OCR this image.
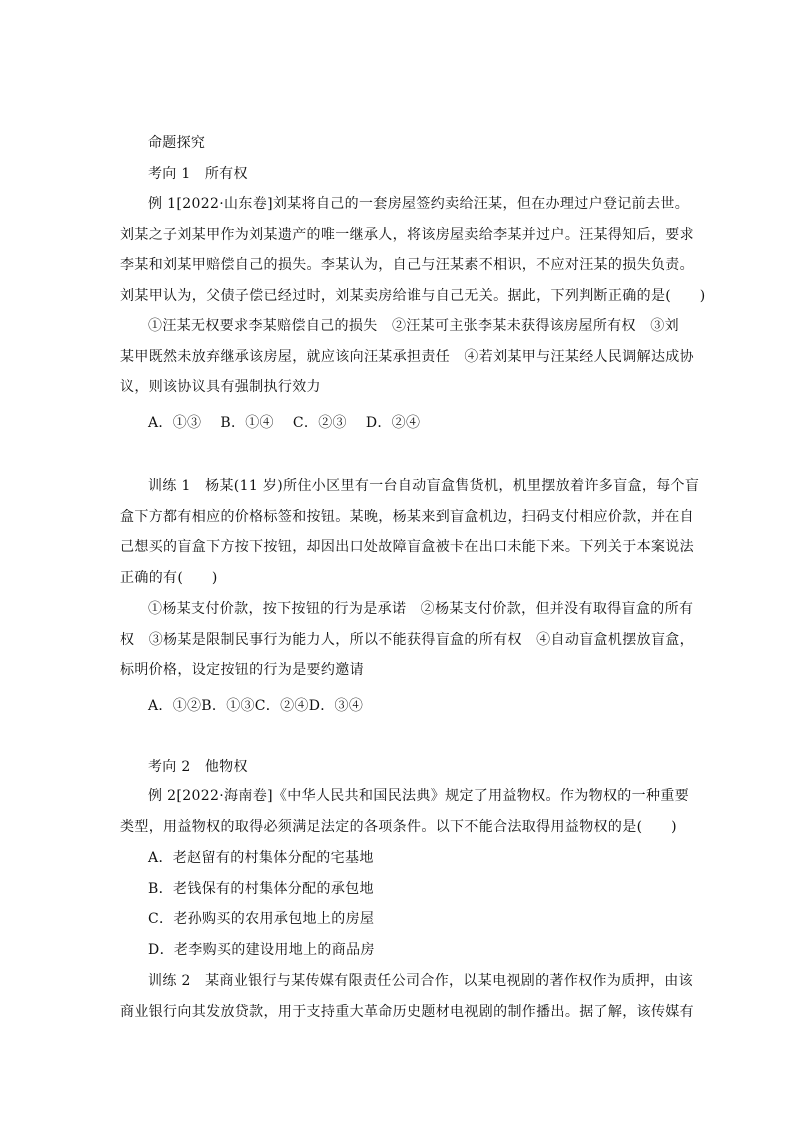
命题探究
考向 1　所有权
例 1[2022·山东卷]刘某将自己的一套房屋签约卖给汪某，但在办理过户登记前去世。
刘某之子刘某甲作为刘某遗产的唯一继承人，将该房屋卖给李某并过户。汪某得知后，要求
李某和刘某甲赔偿自己的损失。李某认为，自己与汪某素不相识，不应对汪某的损失负责。
刘某甲认为，父债子偿已经过时，刘某卖房给谁与自己无关。据此，下列判断正确的是(　　)
①汪某无权要求李某赔偿自己的损失　②汪某可主张李某未获得该房屋所有权　③刘
某甲既然未放弃继承该房屋，就应该向汪某承担责任　④若刘某甲与汪某经人民调解达成协
议，则该协议具有强制执行效力
A．①③　 B．①④　 C．②③　 D．②④
训练 1　杨某(11 岁)所住小区里有一台自动盲盒售货机，机里摆放着许多盲盒，每个盲
盒下方都有相应的价格标签和按钮。某晚，杨某来到盲盒机边，扫码支付相应价款，并在自
己想买的盲盒下方按下按钮，却因出口处故障盲盒被卡在出口未能下来。下列关于本案说法
正确的有(　　)
①杨某支付价款，按下按钮的行为是承诺　②杨某支付价款，但并没有取得盲盒的所有
权　③杨某是限制民事行为能力人，所以不能获得盲盒的所有权　④自动盲盒机摆放盲盒，
标明价格，设定按钮的行为是要约邀请
A．①②B．①③C．②④D．③④
考向 2　他物权
例 2[2022·海南卷]《中华人民共和国民法典》规定了用益物权。作为物权的一种重要
类型，用益物权的取得必须满足法定的各项条件。以下不能合法取得用益物权的是(　　)
A．老赵留有的村集体分配的宅基地
B．老钱保有的村集体分配的承包地
C．老孙购买的农用承包地上的房屋
D．老李购买的建设用地上的商品房
训练 2　某商业银行与某传媒有限责任公司合作，以某电视剧的著作权作为质押，由该
商业银行向其发放贷款，用于支持重大革命历史题材电视剧的制作播出。据了解，该传媒有
